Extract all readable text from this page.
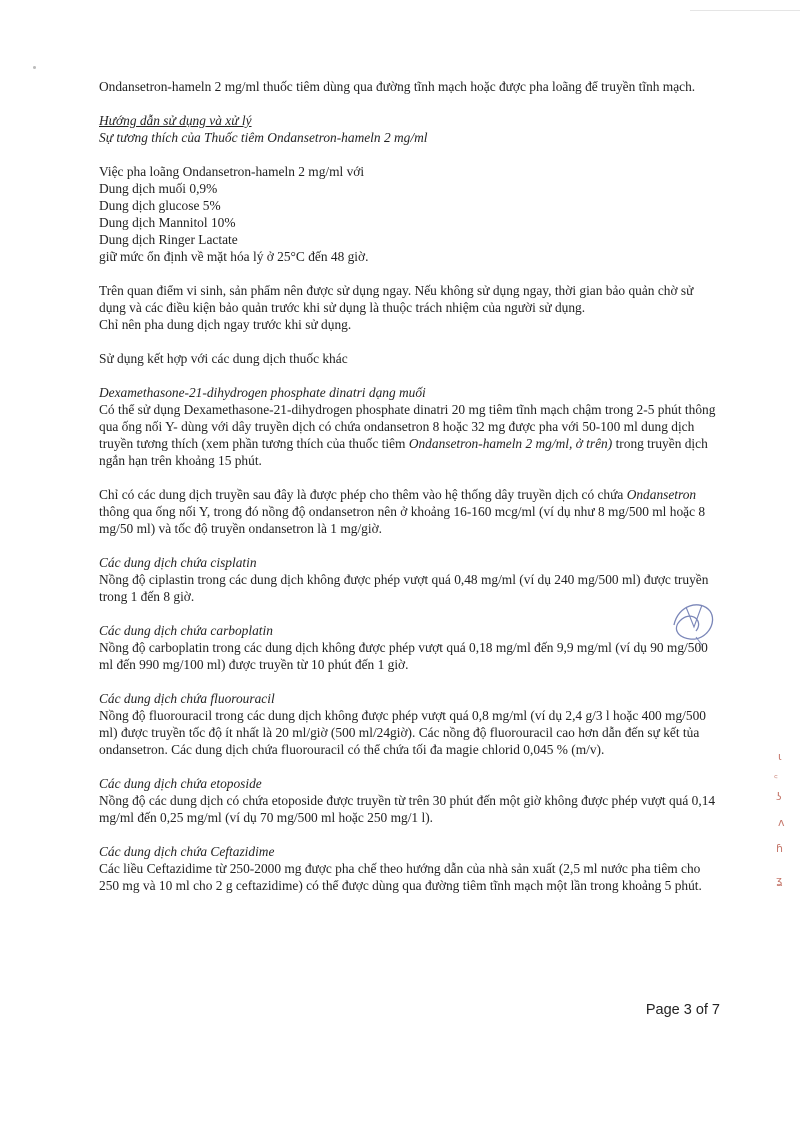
Ondansetron-hameln 2 mg/ml thuốc tiêm dùng qua đường tĩnh mạch hoặc được pha loãng để truyền tĩnh mạch.

Hướng dẫn sử dụng và xử lý

Sự tương thích của Thuốc tiêm Ondansetron-hameln 2 mg/ml

Việc pha loãng Ondansetron-hameln 2 mg/ml với
Dung dịch muối 0,9%
Dung dịch glucose 5%
Dung dịch Mannitol 10%
Dung dịch Ringer Lactate
giữ mức ổn định về mặt hóa lý ở 25°C đến 48 giờ.

Trên quan điểm vi sinh, sản phẩm nên được sử dụng ngay. Nếu không sử dụng ngay, thời gian bảo quản chờ sử dụng và các điều kiện bảo quản trước khi sử dụng là thuộc trách nhiệm của người sử dụng.

Chỉ nên pha dung dịch ngay trước khi sử dụng.

Sử dụng kết hợp với các dung dịch thuốc khác

Dexamethasone-21-dihydrogen phosphate dinatri dạng muối

Có thể sử dụng Dexamethasone-21-dihydrogen phosphate dinatri 20 mg tiêm tĩnh mạch chậm trong 2-5 phút thông qua ống nối Y- dùng với dây truyền dịch có chứa ondansetron 8 hoặc 32 mg được pha với 50-100 ml dung dịch truyền tương thích (xem phần tương thích của thuốc tiêm Ondansetron-hameln 2 mg/ml, ở trên) trong truyền dịch ngắn hạn trên khoảng 15 phút.

Chỉ có các dung dịch truyền sau đây là được phép cho thêm vào hệ thống dây truyền dịch có chứa Ondansetron thông qua ống nối Y, trong đó nồng độ ondansetron nên ở khoảng 16-160 mcg/ml (ví dụ như 8 mg/500 ml hoặc 8 mg/50 ml) và tốc độ truyền ondansetron là 1 mg/giờ.

Các dung dịch chứa cisplatin

Nồng độ ciplastin trong các dung dịch không được phép vượt quá 0,48 mg/ml (ví dụ 240 mg/500 ml) được truyền trong 1 đến 8 giờ.

Các dung dịch chứa carboplatin

Nồng độ carboplatin trong các dung dịch không được phép vượt quá 0,18 mg/ml đến 9,9 mg/ml (ví dụ 90 mg/500 ml đến 990 mg/100 ml) được truyền từ 10 phút đến 1 giờ.

Các dung dịch chứa fluorouracil

Nồng độ fluorouracil trong các dung dịch không được phép vượt quá 0,8 mg/ml (ví dụ 2,4 g/3 l hoặc 400 mg/500 ml) được truyền tốc độ ít nhất là 20 ml/giờ (500 ml/24giờ). Các nồng độ fluorouracil cao hơn dẫn đến sự kết tủa ondansetron. Các dung dịch chứa fluorouracil có thể chứa tối đa magie chlorid 0,045 % (m/v).

Các dung dịch chứa etoposide

Nồng độ các dung dịch có chứa etoposide được truyền từ trên 30 phút đến một giờ không được phép vượt quá 0,14 mg/ml đến 0,25 mg/ml (ví dụ 70 mg/500 ml hoặc 250 mg/1 l).

Các dung dịch chứa Ceftazidime

Các liều Ceftazidime từ 250-2000 mg được pha chế theo hướng dẫn của nhà sản xuất (2,5 ml nước pha tiêm cho 250 mg và 10 ml cho 2 g ceftazidime) có thể được dùng qua đường tiêm tĩnh mạch một lần trong khoảng 5 phút.

ɩ
꜀
ʖ
ʌ
ɦ
ʓ
Page 3 of 7
